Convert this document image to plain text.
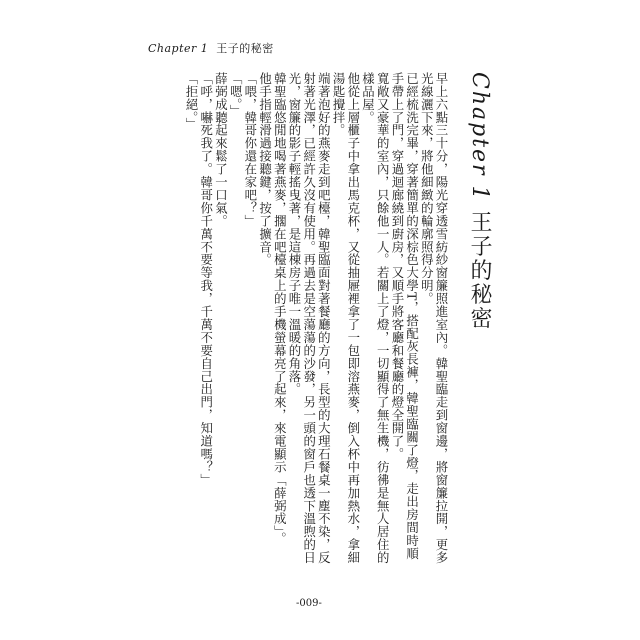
Chapter 1 王子的秘密
Chapter 1 王子的秘密

早上六點三十分，陽光穿透雪紡紗窗簾照進室內。韓聖臨走到窗邊，將窗簾拉開，更多光線灑下來，將他細緻的輪廓照得分明。

已經梳洗完畢，穿著簡單的深棕色大學T，搭配灰長褲，韓聖臨關了燈，走出房間時順手帶上了門，穿過迴廊繞到廚房，又順手將客廳和餐廳的燈全開了。

寬敞又豪華的室內，只餘他一人。若關上了燈，一切顯得了無生機，彷彿是無人居住的樣品屋。

他從上層櫃子中拿出馬克杯，又從抽屜裡拿了一包即溶燕麥，倒入杯中再加熱水，拿細湯匙攪拌。

端著泡好的燕麥走到吧檯，韓聖臨面對著餐廳的方向，長型的大理石餐桌一塵不染，反射著光澤，已經許久沒有使用。再過去是空蕩蕩的沙發，另一頭的窗戶也透下溫煦的日光，窗簾的影子輕搖曳著，是這棟房子唯一溫暖的角落。

韓聖臨悠閒地喝著燕麥，擱在吧檯桌上的手機螢幕亮了起來，來電顯示「薛弼成」。

他手指輕滑過接聽鍵，按了擴音。

「喂，韓哥你還在家吧？」

「嗯。」

薛弼成聽起來鬆了一口氣。

「呼，嚇死我了。韓哥你千萬不要等我，千萬不要自己出門，知道嗎？」

「拒絕。」

-009-
